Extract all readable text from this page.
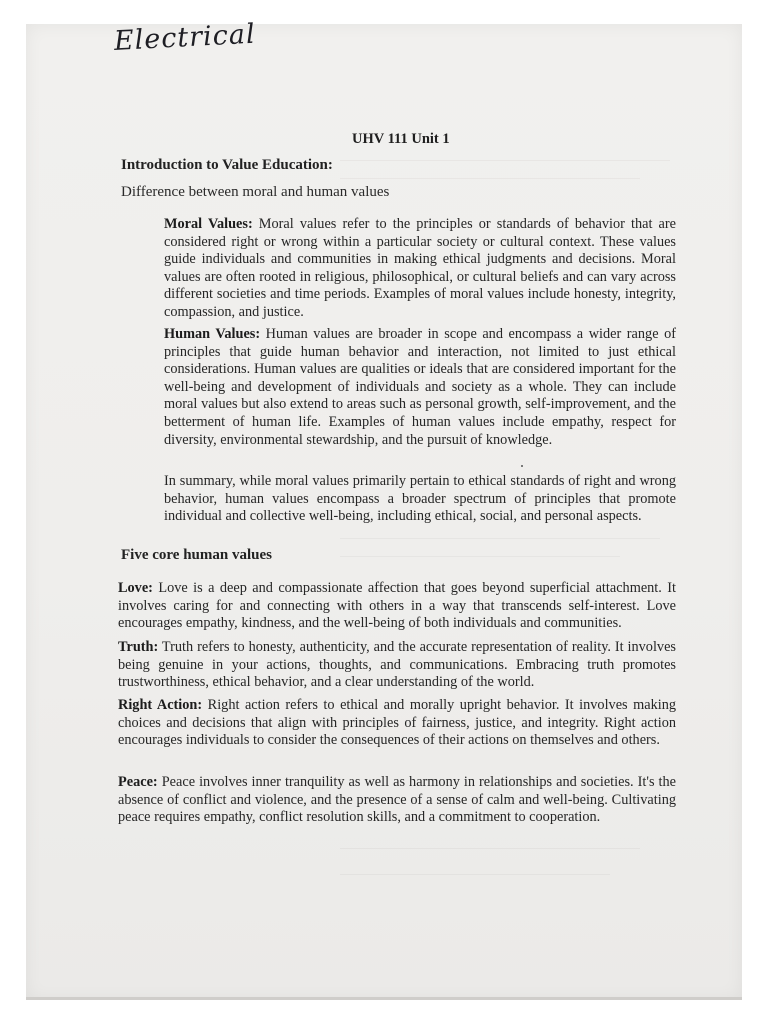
Electrical
UHV 111 Unit 1
Introduction to Value Education:
Difference between moral and human values

Moral Values: Moral values refer to the principles or standards of behavior that are considered right or wrong within a particular society or cultural context. These values guide individuals and communities in making ethical judgments and decisions. Moral values are often rooted in religious, philosophical, or cultural beliefs and can vary across different societies and time periods. Examples of moral values include honesty, integrity, compassion, and justice.

Human Values: Human values are broader in scope and encompass a wider range of principles that guide human behavior and interaction, not limited to just ethical considerations. Human values are qualities or ideals that are considered important for the well-being and development of individuals and society as a whole. They can include moral values but also extend to areas such as personal growth, self-improvement, and the betterment of human life. Examples of human values include empathy, respect for diversity, environmental stewardship, and the pursuit of knowledge.

In summary, while moral values primarily pertain to ethical standards of right and wrong behavior, human values encompass a broader spectrum of principles that promote individual and collective well-being, including ethical, social, and personal aspects.

Five core human values

Love: Love is a deep and compassionate affection that goes beyond superficial attachment. It involves caring for and connecting with others in a way that transcends self-interest. Love encourages empathy, kindness, and the well-being of both individuals and communities.

Truth: Truth refers to honesty, authenticity, and the accurate representation of reality. It involves being genuine in your actions, thoughts, and communications. Embracing truth promotes trustworthiness, ethical behavior, and a clear understanding of the world.

Right Action: Right action refers to ethical and morally upright behavior. It involves making choices and decisions that align with principles of fairness, justice, and integrity. Right action encourages individuals to consider the consequences of their actions on themselves and others.

Peace: Peace involves inner tranquility as well as harmony in relationships and societies. It's the absence of conflict and violence, and the presence of a sense of calm and well-being. Cultivating peace requires empathy, conflict resolution skills, and a commitment to cooperation.
